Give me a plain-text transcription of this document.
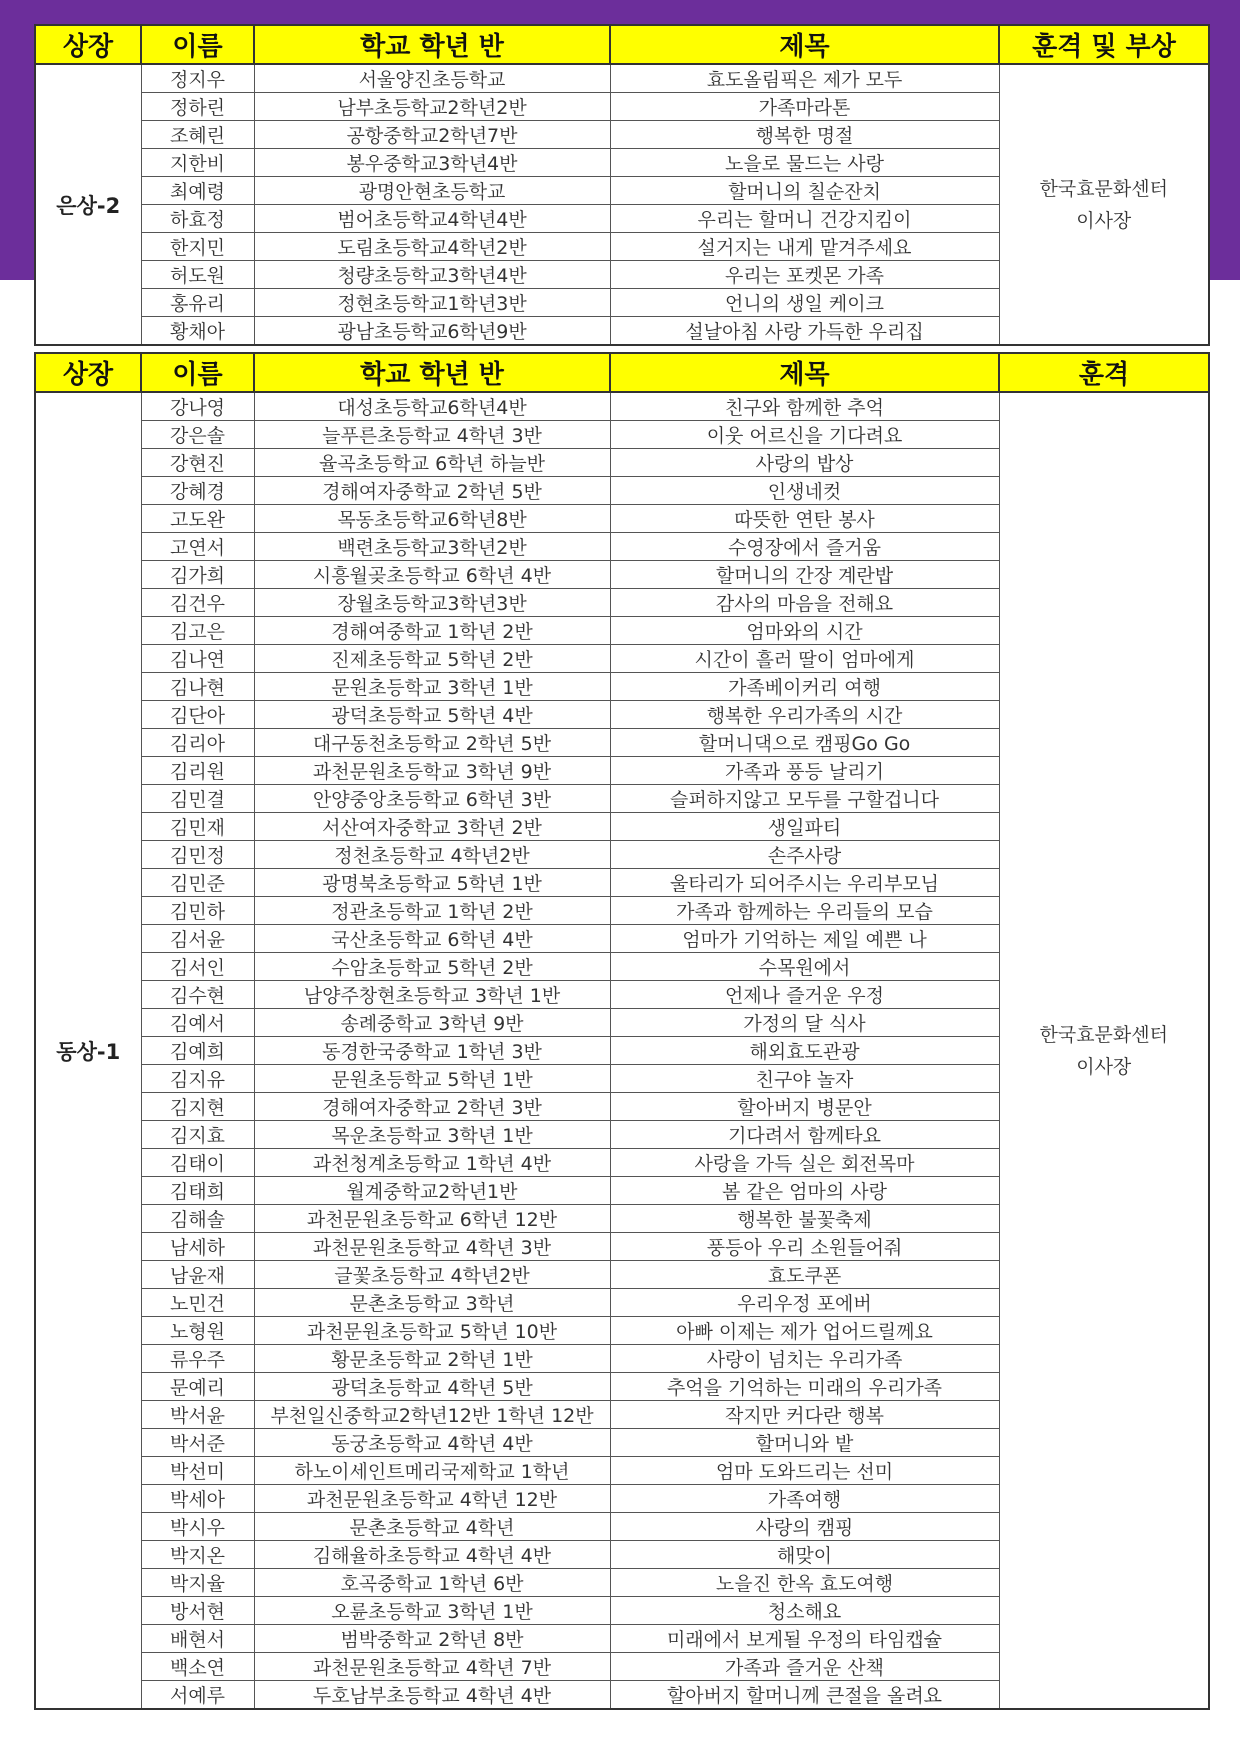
상장	이름	학교 학년 반	제목	훈격 및 부상
은상-2	정지우	서울양진초등학교	효도올림픽은 제가 모두	한국효문화센터
이사장

	정하린	남부초등학교2학년2반	가족마라톤	
	조혜린	공항중학교2학년7반	행복한 명절	
	지한비	봉우중학교3학년4반	노을로 물드는 사랑	
	최예령	광명안현초등학교	할머니의 칠순잔치	
	하효정	범어초등학교4학년4반	우리는 할머니 건강지킴이	
	한지민	도림초등학교4학년2반	설거지는 내게 맡겨주세요	
	허도원	청량초등학교3학년4반	우리는 포켓몬 가족	
	홍유리	정현초등학교1학년3반	언니의 생일 케이크	
	황채아	광남초등학교6학년9반	설날아침 사랑 가득한 우리집	
상장	이름	학교 학년 반	제목	훈격
동상-1	강나영	대성초등학교6학년4반	친구와 함께한 추억	한국효문화센터
이사장

	강은솔	늘푸른초등학교 4학년 3반	이웃 어르신을 기다려요	
	강현진	율곡초등학교 6학년 하늘반	사랑의 밥상	
	강혜경	경해여자중학교 2학년 5반	인생네컷	
	고도완	목동초등학교6학년8반	따뜻한 연탄 봉사	
	고연서	백련초등학교3학년2반	수영장에서 즐거움	
	김가희	시흥월곶초등학교 6학년 4반	할머니의 간장 계란밥	
	김건우	장월초등학교3학년3반	감사의 마음을 전해요	
	김고은	경해여중학교 1학년 2반	엄마와의 시간	
	김나연	진제초등학교 5학년 2반	시간이 흘러 딸이 엄마에게	
	김나현	문원초등학교 3학년 1반	가족베이커리 여행	
	김단아	광덕초등학교 5학년 4반	행복한 우리가족의 시간	
	김리아	대구동천초등학교 2학년 5반	할머니댁으로 캠핑Go Go	
	김리원	과천문원초등학교 3학년 9반	가족과 풍등 날리기	
	김민결	안양중앙초등학교 6학년 3반	슬퍼하지않고 모두를 구할겁니다	
	김민재	서산여자중학교 3학년 2반	생일파티	
	김민정	정천초등학교 4학년2반	손주사랑	
	김민준	광명북초등학교 5학년 1반	울타리가 되어주시는 우리부모님	
	김민하	정관초등학교 1학년 2반	가족과 함께하는 우리들의 모습	
	김서윤	국산초등학교 6학년 4반	엄마가 기억하는 제일 예쁜 나	
	김서인	수암초등학교 5학년 2반	수목원에서	
	김수현	남양주창현초등학교 3학년 1반	언제나 즐거운 우정	
	김예서	송례중학교 3학년 9반	가정의 달 식사	
	김예희	동경한국중학교 1학년 3반	해외효도관광	
	김지유	문원초등학교 5학년 1반	친구야 놀자	
	김지현	경해여자중학교 2학년 3반	할아버지 병문안	
	김지효	목운초등학교 3학년 1반	기다려서 함께타요	
	김태이	과천청계초등학교 1학년 4반	사랑을 가득 실은 회전목마	
	김태희	월계중학교2학년1반	봄 같은 엄마의 사랑	
	김해솔	과천문원초등학교 6학년 12반	행복한 불꽃축제	
	남세하	과천문원초등학교 4학년 3반	풍등아 우리 소원들어줘	
	남윤재	글꽃초등학교 4학년2반	효도쿠폰	
	노민건	문촌초등학교 3학년	우리우정 포에버	
	노형원	과천문원초등학교 5학년 10반	아빠 이제는 제가 업어드릴께요	
	류우주	황문초등학교 2학년 1반	사랑이 넘치는 우리가족	
	문예리	광덕초등학교 4학년 5반	추억을 기억하는 미래의 우리가족	
	박서윤	부천일신중학교2학년12반 1학년 12반	작지만 커다란 행복	
	박서준	동궁초등학교 4학년 4반	할머니와 밭	
	박선미	하노이세인트메리국제학교 1학년	엄마 도와드리는 선미	
	박세아	과천문원초등학교 4학년 12반	가족여행	
	박시우	문촌초등학교 4학년	사랑의 캠핑	
	박지온	김해율하초등학교 4학년 4반	해맞이	
	박지율	호곡중학교 1학년 6반	노을진 한옥 효도여행	
	방서현	오륜초등학교 3학년 1반	청소해요	
	배현서	범박중학교 2학년 8반	미래에서 보게될 우정의 타임캡슐	
	백소연	과천문원초등학교 4학년 7반	가족과 즐거운 산책	
	서예루	두호남부초등학교 4학년 4반	할아버지 할머니께 큰절을 올려요	
